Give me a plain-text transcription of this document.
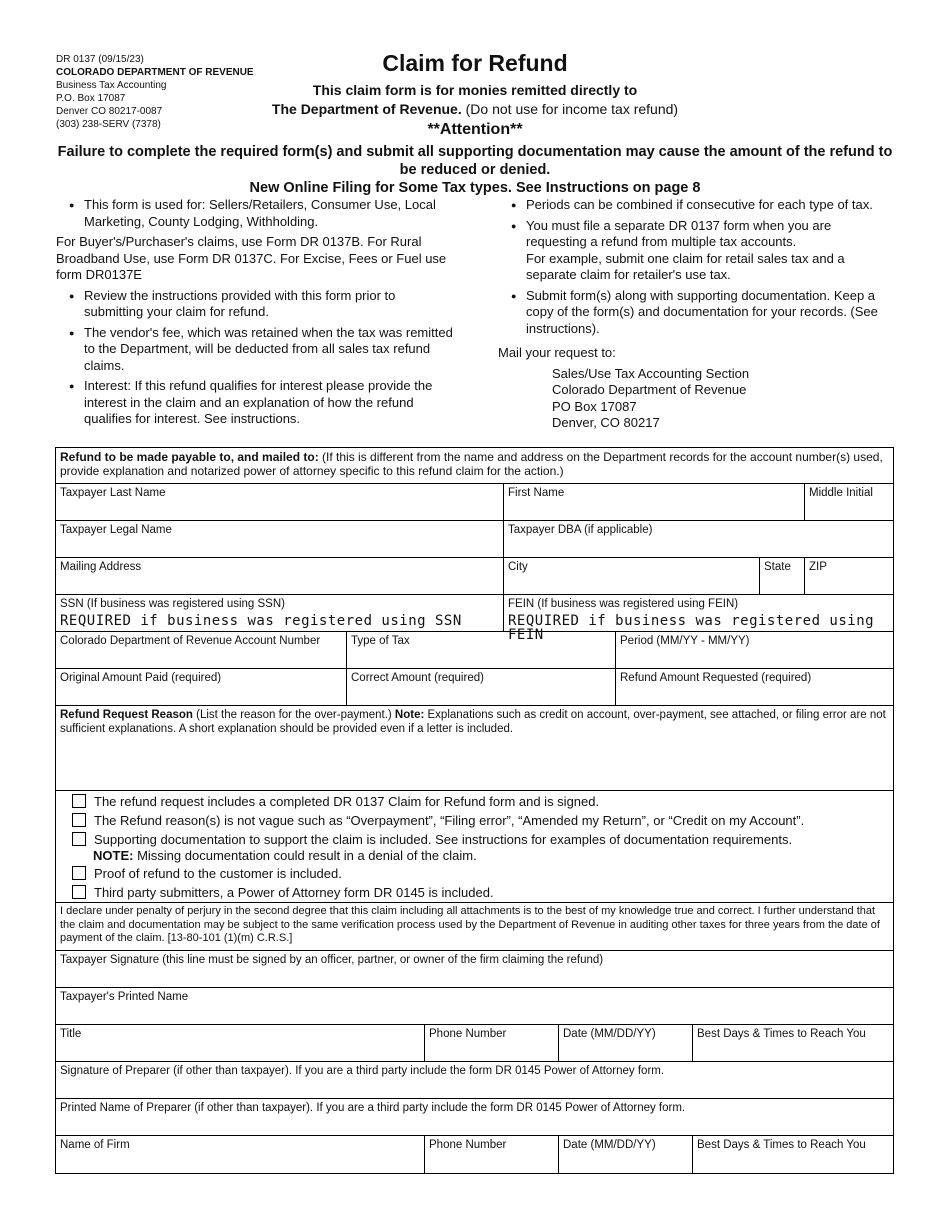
DR 0137 (09/15/23)
COLORADO DEPARTMENT OF REVENUE
Business Tax Accounting
P.O. Box 17087
Denver CO 80217-0087
(303) 238-SERV (7378)
Claim for Refund
This claim form is for monies remitted directly to
The Department of Revenue. (Do not use for income tax refund)
**Attention**
Failure to complete the required form(s) and submit all supporting documentation may cause the amount of the refund to be reduced or denied.
New Online Filing for Some Tax types. See Instructions on page 8
● This form is used for: Sellers/Retailers, Consumer Use, Local Marketing, County Lodging, Withholding.

For Buyer's/Purchaser's claims, use Form DR 0137B. For Rural Broadband Use, use Form DR 0137C. For Excise, Fees or Fuel use form DR0137E

● Review the instructions provided with this form prior to submitting your claim for refund.
● The vendor's fee, which was retained when the tax was remitted to the Department, will be deducted from all sales tax refund claims.
● Interest: If this refund qualifies for interest please provide the interest in the claim and an explanation of how the refund qualifies for interest. See instructions.
● Periods can be combined if consecutive for each type of tax.
● You must file a separate DR 0137 form when you are requesting a refund from multiple tax accounts.
For example, submit one claim for retail sales tax and a separate claim for retailer's use tax.
● Submit form(s) along with supporting documentation. Keep a copy of the form(s) and documentation for your records. (See instructions).

Mail your request to:

Sales/Use Tax Accounting Section
Colorado Department of Revenue
PO Box 17087
Denver, CO 80217
Refund to be made payable to, and mailed to: (If this is different from the name and address on the Department records for the account number(s) used, provide explanation and notarized power of attorney specific to this refund claim for the action.)
Taxpayer Last Name	First Name	Middle Initial
Taxpayer Legal Name	Taxpayer DBA (if applicable)
Mailing Address	City	State	ZIP
SSN (If business was registered using SSN)
REQUIRED if business was registered using SSN
FEIN (If business was registered using FEIN)
REQUIRED if business was registered using FEIN
Colorado Department of Revenue Account Number	Type of Tax	Period (MM/YY - MM/YY)
Original Amount Paid (required)	Correct Amount (required)	Refund Amount Requested (required)
Refund Request Reason (List the reason for the over-payment.) Note: Explanations such as credit on account, over-payment, see attached, or filing error are not sufficient explanations. A short explanation should be provided even if a letter is included.
The refund request includes a completed DR 0137 Claim for Refund form and is signed.
The Refund reason(s) is not vague such as “Overpayment”, “Filing error”, “Amended my Return”, or “Credit on my Account”.
Supporting documentation to support the claim is included. See instructions for examples of documentation requirements.
NOTE: Missing documentation could result in a denial of the claim.
Proof of refund to the customer is included.
Third party submitters, a Power of Attorney form DR 0145 is included.
I declare under penalty of perjury in the second degree that this claim including all attachments is to the best of my knowledge true and correct. I further understand that the claim and documentation may be subject to the same verification process used by the Department of Revenue in auditing other taxes for three years from the date of payment of the claim. [13-80-101 (1)(m) C.R.S.]
Taxpayer Signature (this line must be signed by an officer, partner, or owner of the firm claiming the refund)
Taxpayer's Printed Name
Title	Phone Number	Date (MM/DD/YY)	Best Days & Times to Reach You
Signature of Preparer (if other than taxpayer). If you are a third party include the form DR 0145 Power of Attorney form.
Printed Name of Preparer (if other than taxpayer). If you are a third party include the form DR 0145 Power of Attorney form.
Name of Firm	Phone Number	Date (MM/DD/YY)	Best Days & Times to Reach You
